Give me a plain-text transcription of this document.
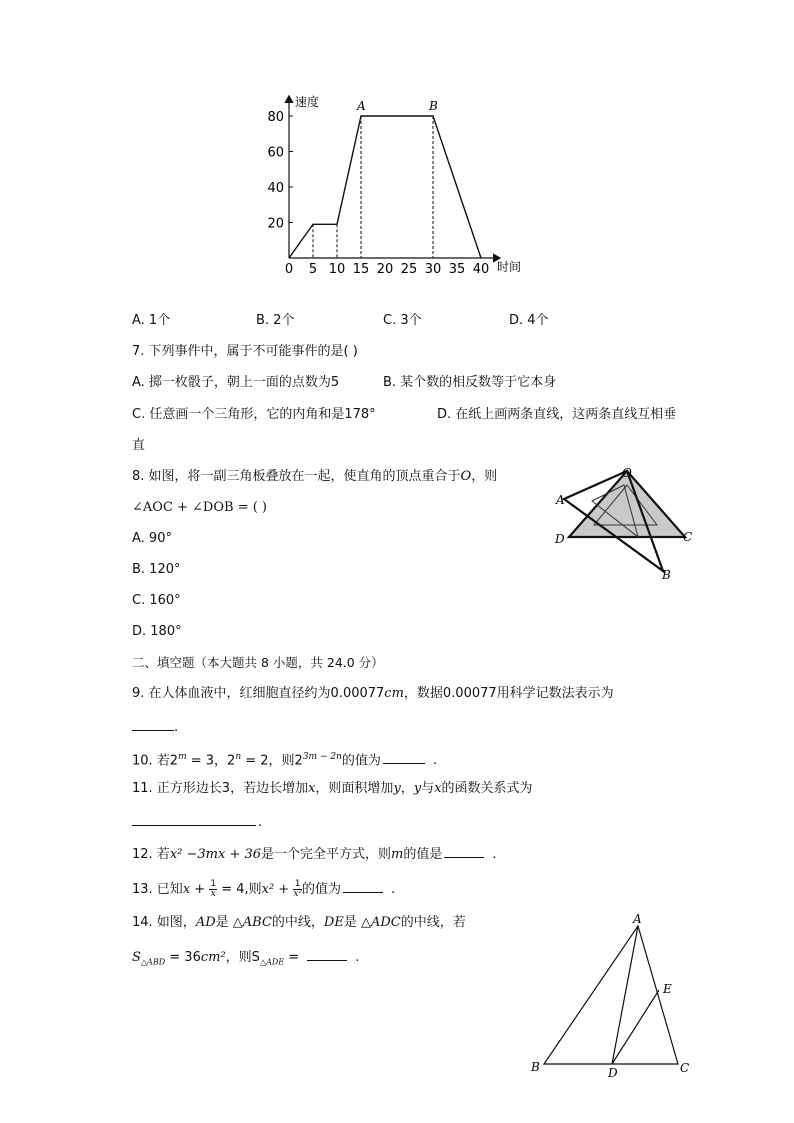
速度
时间
0 5 10 15 20 25 30 35 40
20
40
60
80
A	B
A. 1个	B. 2个	C. 3个	D. 4个
7. 下列事件中，属于不可能事件的是( )
A. 掷一枚骰子，朝上一面的点数为5	B. 某个数的相反数等于它本身
C. 任意画一个三角形，它的内角和是178°	D. 在纸上画两条直线，这两条直线互相垂
直
8. 如图，将一副三角板叠放在一起，使直角的顶点重合于O，则
∠AOC + ∠DOB = ( )
A. 90°
B. 120°
C. 160°
D. 180°
O
A
D	C
B
二、填空题（本大题共 8 小题，共 24.0 分）
9. 在人体血液中，红细胞直径约为0.00077cm，数据0.00077用科学记数法表示为
.
10. 若$2^m = 3$，$2^n = 2$，则$2^{3m - 2n}$的值为	.
11. 正方形边长3，若边长增加x，则面积增加y，y与x的函数关系式为
.
12. 若x² −3mx + 36是一个完全平方式，则m的值是	.
13. 已知$x + \frac{1}{x} = 4$,则$x^2 + \frac{1}{\text{x²}}$ 的值为	.
14. 如图，AD是 △ABC的中线，DE是 △ADC的中线，若
$S_{\triangle ABD} = 36cm^2$，则$S_{\triangle ADE}$ =	.
A
B	C
D
E
